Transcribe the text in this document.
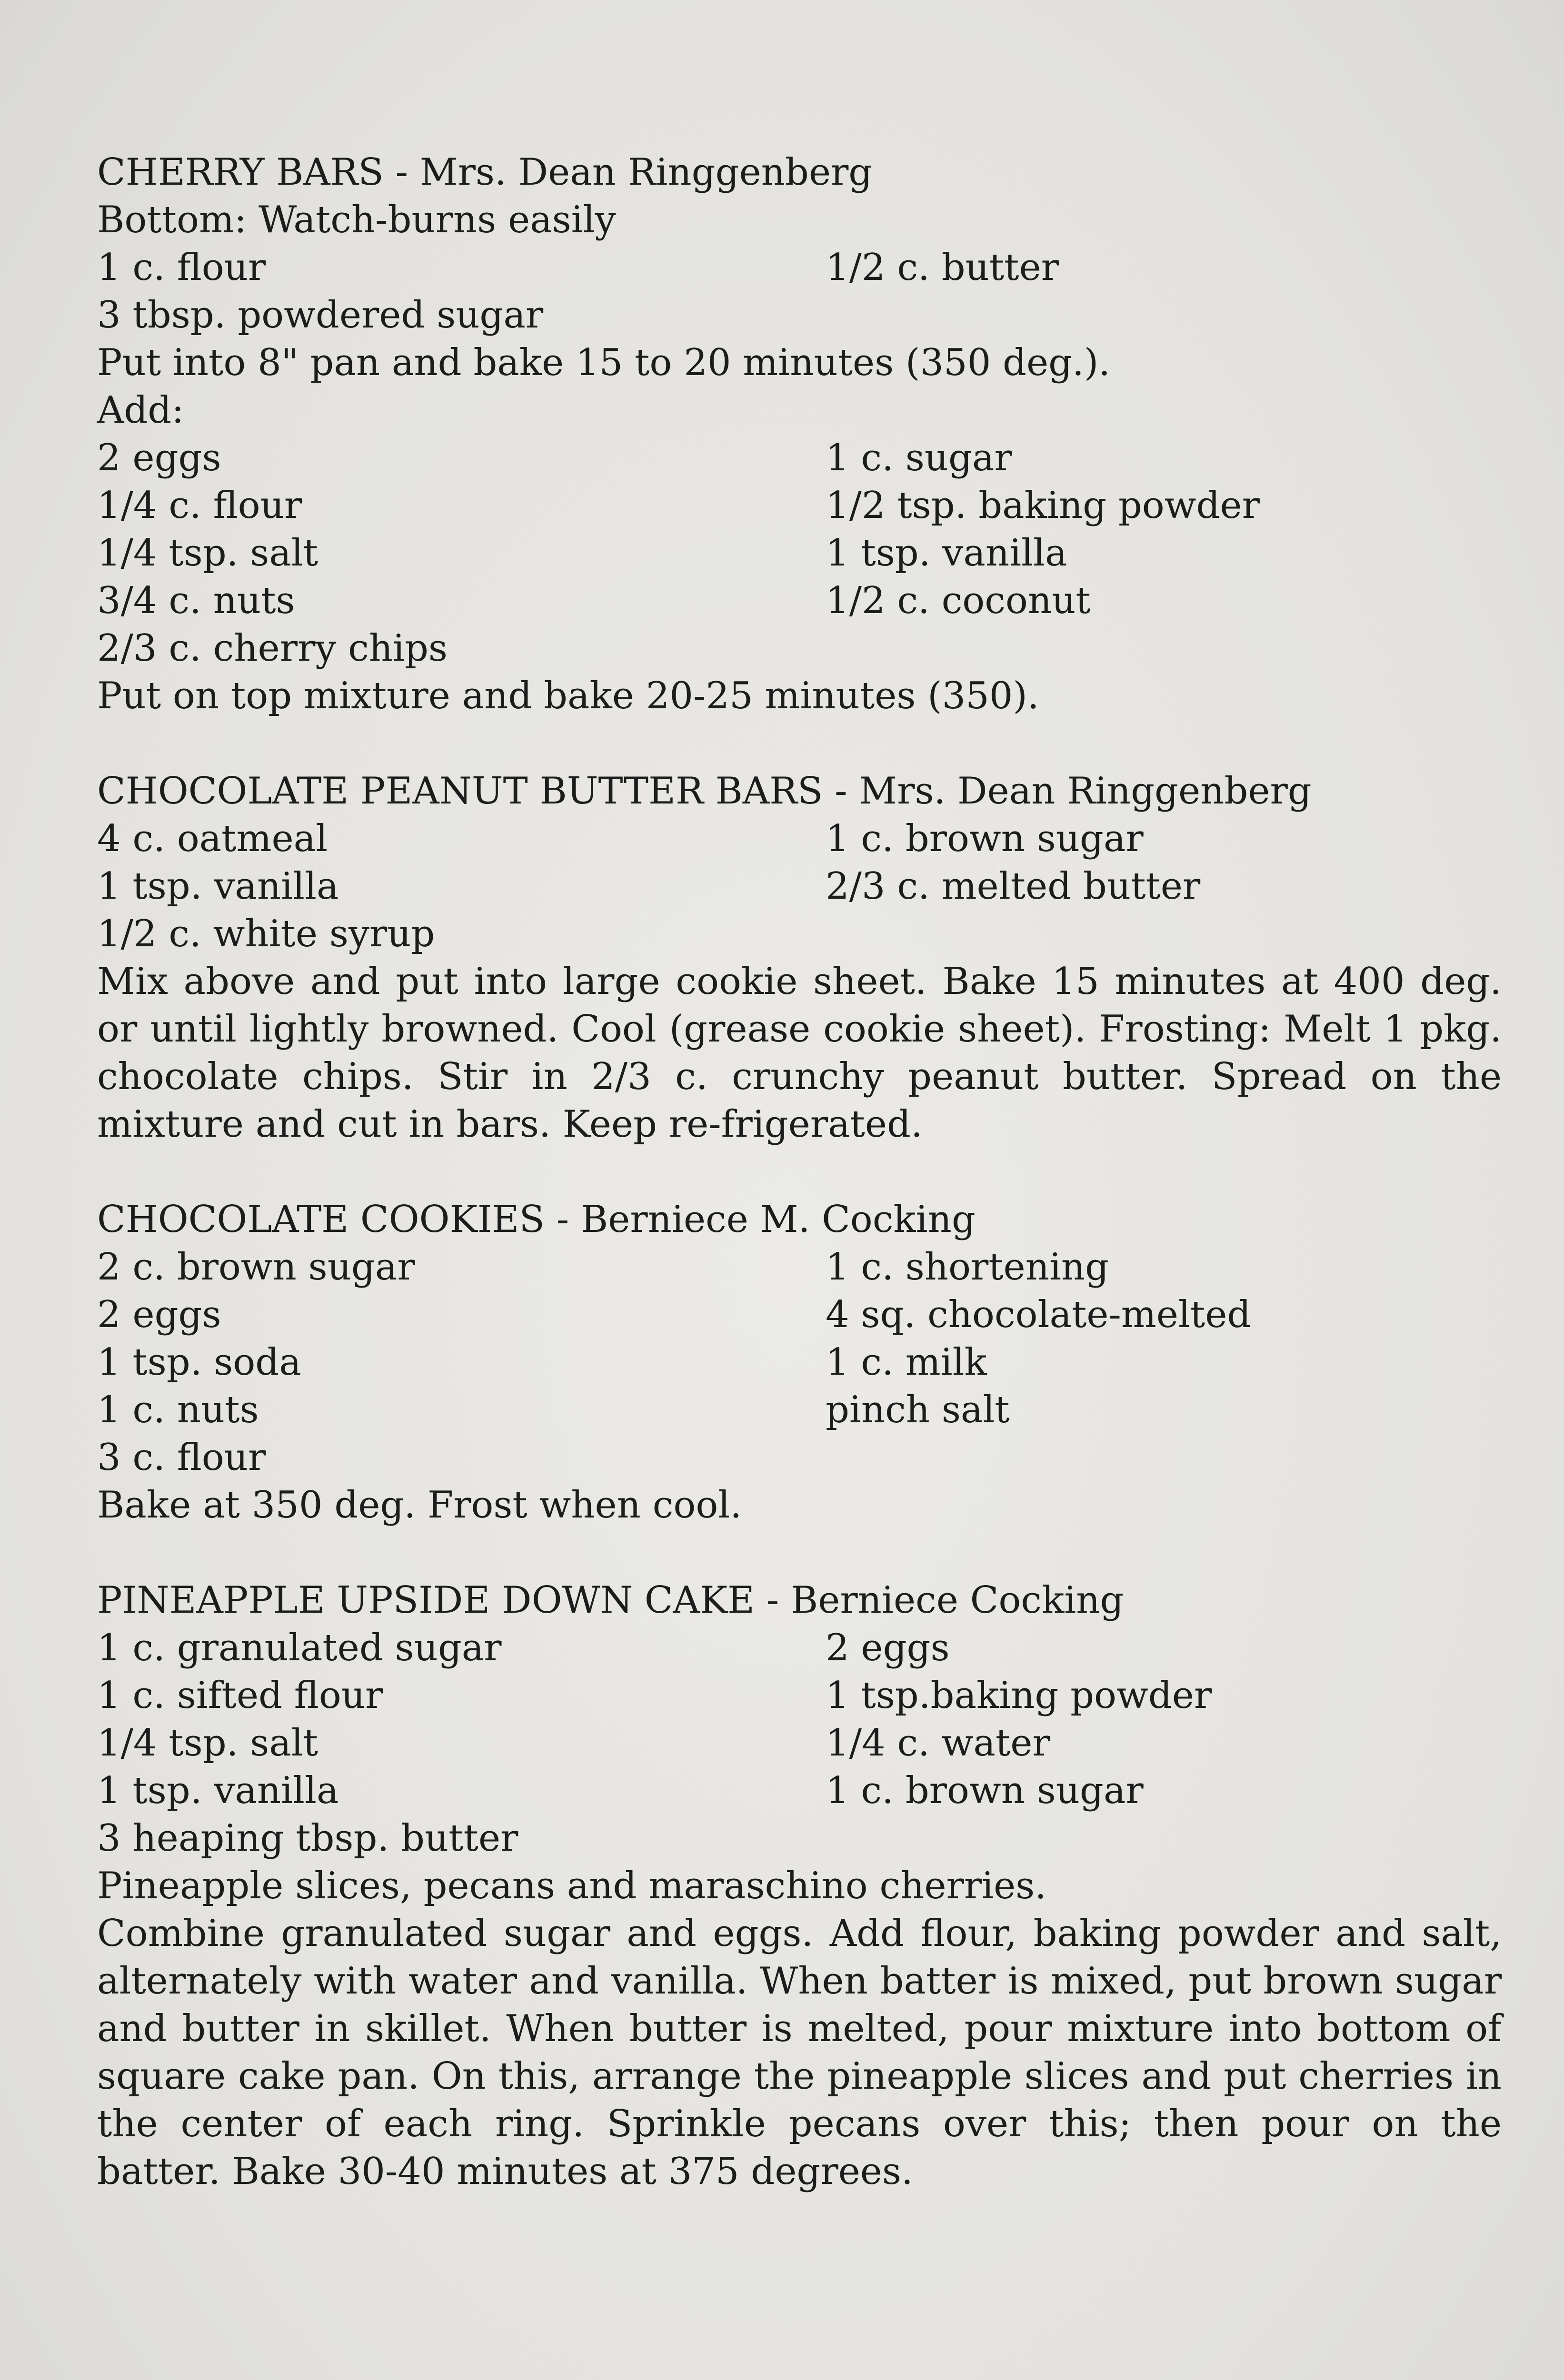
CHERRY BARS - Mrs. Dean Ringgenberg
Bottom: Watch-burns easily
1 c. flour	1/2 c. butter
3 tbsp. powdered sugar
Put into 8" pan and bake 15 to 20 minutes (350 deg.).
Add:
2 eggs	1 c. sugar
1/4 c. flour	1/2 tsp. baking powder
1/4 tsp. salt	1 tsp. vanilla
3/4 c. nuts	1/2 c. coconut
2/3 c. cherry chips
Put on top mixture and bake 20-25 minutes (350).
CHOCOLATE PEANUT BUTTER BARS - Mrs. Dean Ringgenberg
4 c. oatmeal	1 c. brown sugar
1 tsp. vanilla	2/3 c. melted butter
1/2 c. white syrup
Mix above and put into large cookie sheet. Bake 15 minutes at 400 deg. or until lightly browned. Cool (grease cookie sheet). Frosting: Melt 1 pkg. chocolate chips. Stir in 2/3 c. crunchy peanut butter. Spread on the mixture and cut in bars. Keep re-frigerated.
CHOCOLATE COOKIES - Berniece M. Cocking
2 c. brown sugar	1 c. shortening
2 eggs	4 sq. chocolate-melted
1 tsp. soda	1 c. milk
1 c. nuts	pinch salt
3 c. flour
Bake at 350 deg. Frost when cool.
PINEAPPLE UPSIDE DOWN CAKE - Berniece Cocking
1 c. granulated sugar	2 eggs
1 c. sifted flour	1 tsp.baking powder
1/4 tsp. salt	1/4 c. water
1 tsp. vanilla	1 c. brown sugar
3 heaping tbsp. butter
Pineapple slices, pecans and maraschino cherries.
Combine granulated sugar and eggs. Add flour, baking powder and salt, alternately with water and vanilla. When batter is mixed, put brown sugar and butter in skillet. When butter is melted, pour mixture into bottom of square cake pan. On this, arrange the pineapple slices and put cherries in the center of each ring. Sprinkle pecans over this; then pour on the batter. Bake 30-40 minutes at 375 degrees.
